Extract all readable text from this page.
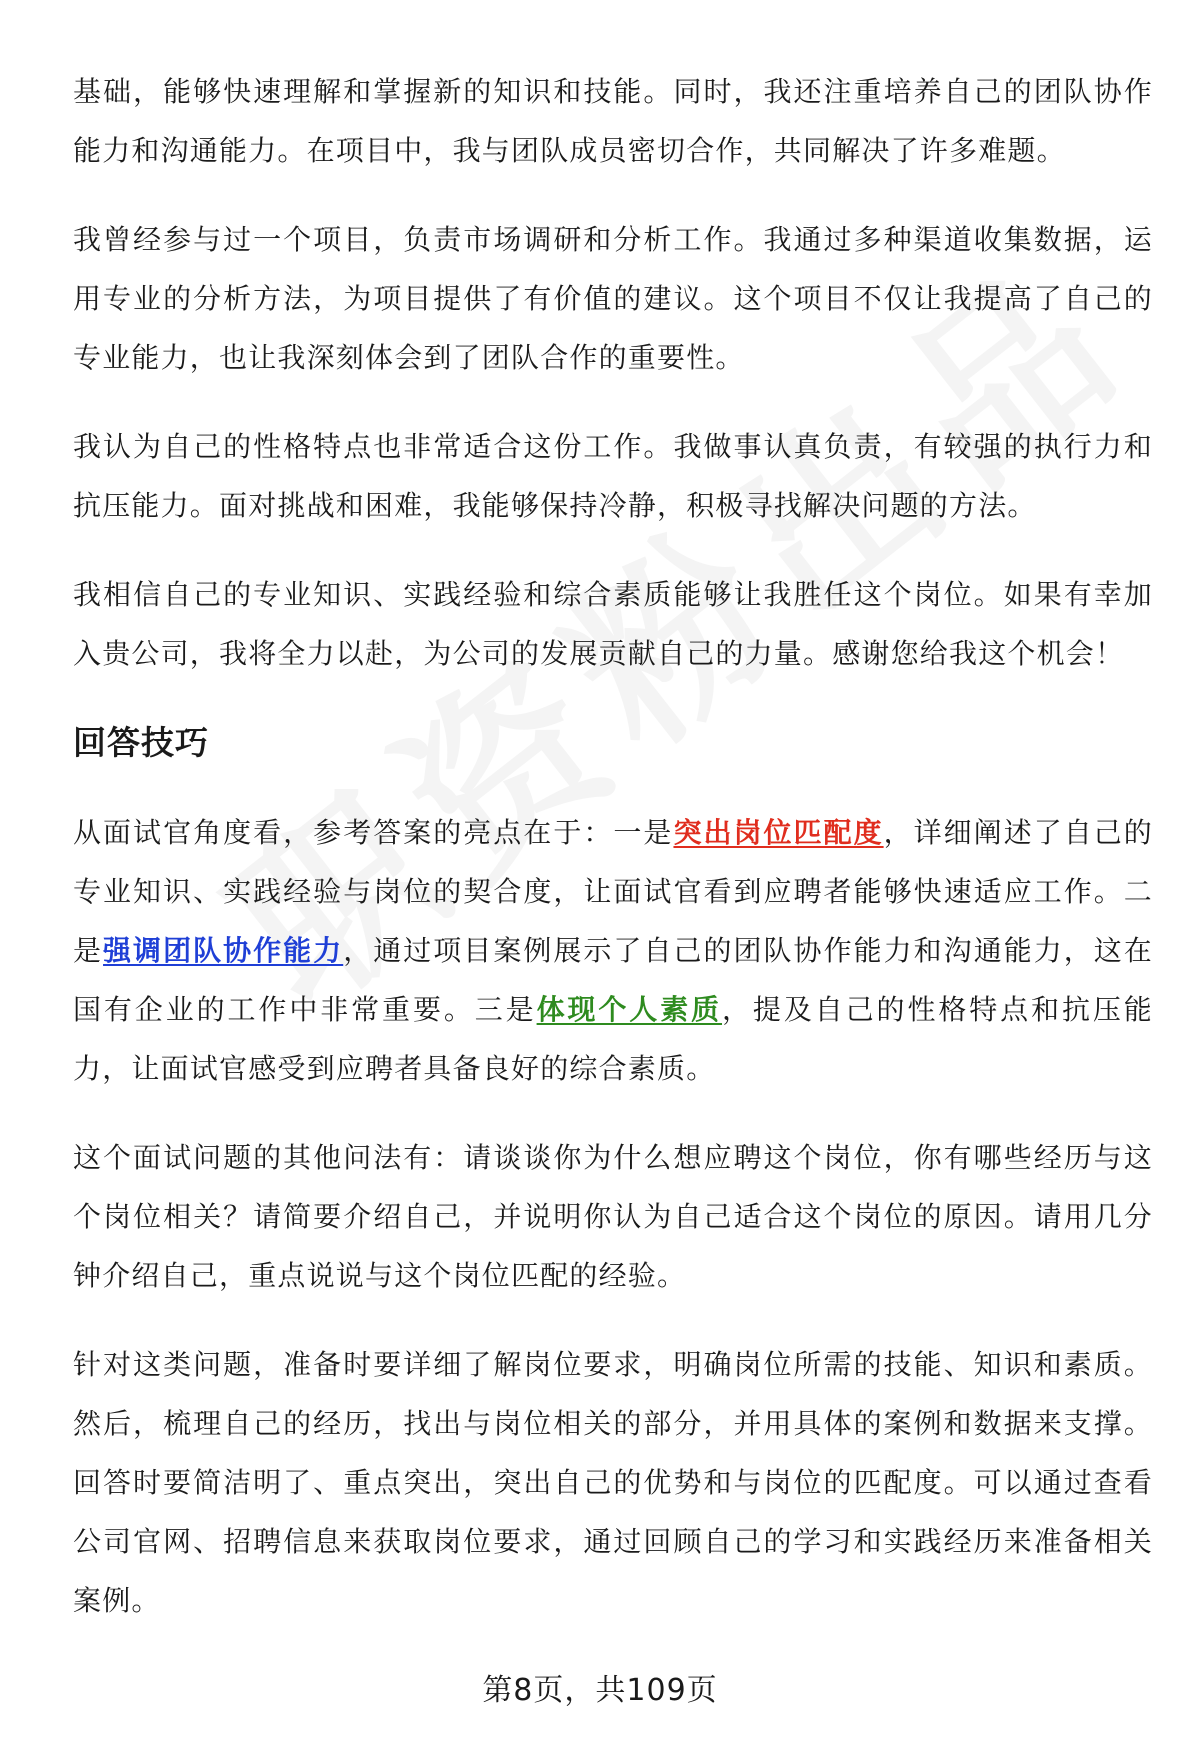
基础，能够快速理解和掌握新的知识和技能。同时，我还注重培养自己的团队协作能力和沟通能力。在项目中，我与团队成员密切合作，共同解决了许多难题。

我曾经参与过一个项目，负责市场调研和分析工作。我通过多种渠道收集数据，运用专业的分析方法，为项目提供了有价值的建议。这个项目不仅让我提高了自己的专业能力，也让我深刻体会到了团队合作的重要性。

我认为自己的性格特点也非常适合这份工作。我做事认真负责，有较强的执行力和抗压能力。面对挑战和困难，我能够保持冷静，积极寻找解决问题的方法。

我相信自己的专业知识、实践经验和综合素质能够让我胜任这个岗位。如果有幸加入贵公司，我将全力以赴，为公司的发展贡献自己的力量。感谢您给我这个机会！

回答技巧

从面试官角度看，参考答案的亮点在于：一是突出岗位匹配度，详细阐述了自己的专业知识、实践经验与岗位的契合度，让面试官看到应聘者能够快速适应工作。二是强调团队协作能力，通过项目案例展示了自己的团队协作能力和沟通能力，这在国有企业的工作中非常重要。三是体现个人素质，提及自己的性格特点和抗压能力，让面试官感受到应聘者具备良好的综合素质。

这个面试问题的其他问法有：请谈谈你为什么想应聘这个岗位，你有哪些经历与这个岗位相关？请简要介绍自己，并说明你认为自己适合这个岗位的原因。请用几分钟介绍自己，重点说说与这个岗位匹配的经验。

针对这类问题，准备时要详细了解岗位要求，明确岗位所需的技能、知识和素质。然后，梳理自己的经历，找出与岗位相关的部分，并用具体的案例和数据来支撑。回答时要简洁明了、重点突出，突出自己的优势和与岗位的匹配度。可以通过查看公司官网、招聘信息来获取岗位要求，通过回顾自己的学习和实践经历来准备相关案例。

第8页，共109页
